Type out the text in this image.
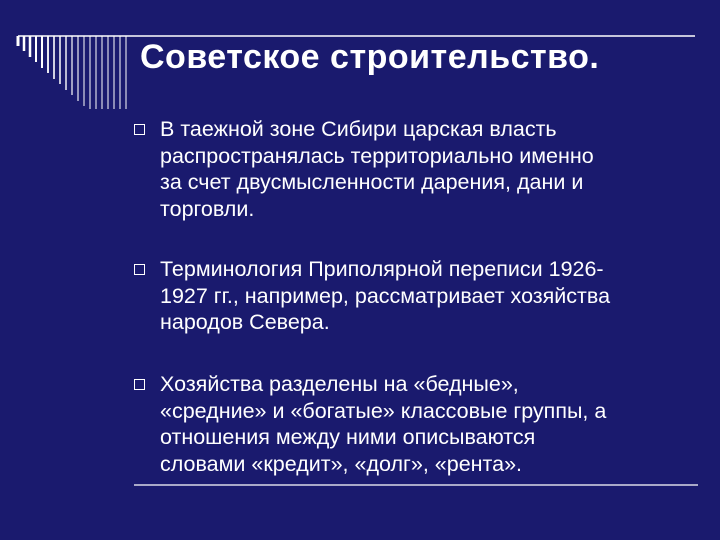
Советское строительство.
В таежной зоне Сибири царская власть
распространялась территориально именно
за счет двусмысленности дарения, дани и
торговли.
Терминология Приполярной переписи 1926-
1927 гг., например, рассматривает хозяйства
народов Севера.
Хозяйства разделены на «бедные»,
«средние» и «богатые» классовые группы, а
отношения между ними описываются
словами «кредит», «долг», «рента».
